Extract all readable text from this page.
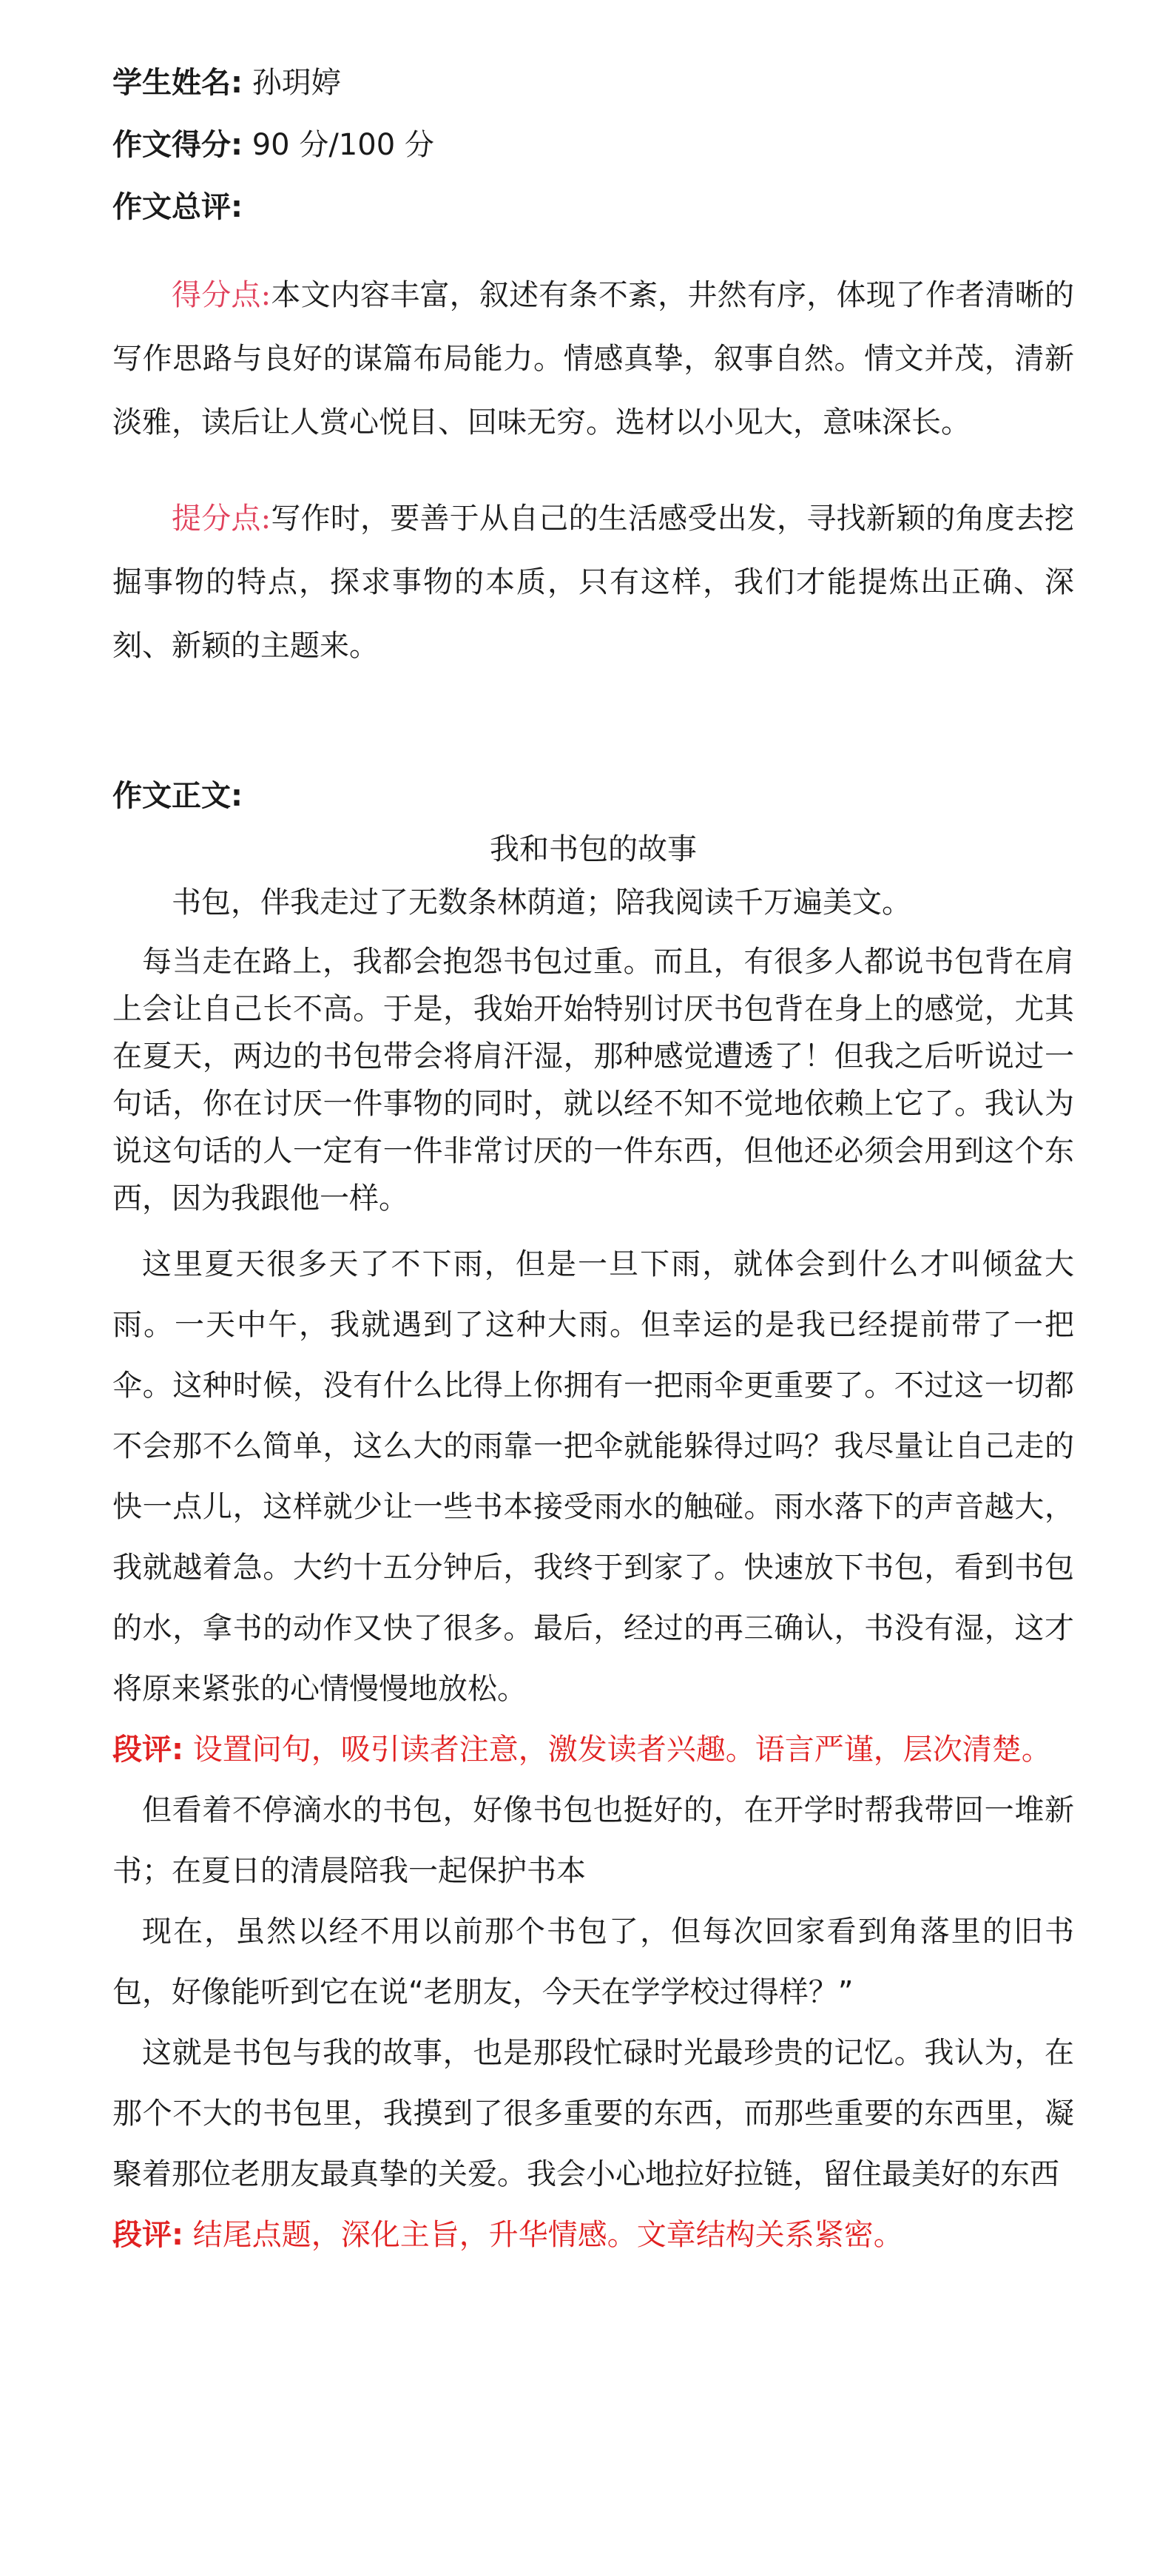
学生姓名: 孙玥婷
作文得分: 90 分/100 分
作文总评:

得分点:本文内容丰富，叙述有条不紊，井然有序，体现了作者清晰的写作思路与良好的谋篇布局能力。情感真挚，叙事自然。情文并茂，清新淡雅，读后让人赏心悦目、回味无穷。选材以小见大，意味深长。

提分点:写作时，要善于从自己的生活感受出发，寻找新颖的角度去挖掘事物的特点，探求事物的本质，只有这样，我们才能提炼出正确、深刻、新颖的主题来。

作文正文:
我和书包的故事

书包，伴我走过了无数条林荫道；陪我阅读千万遍美文。

每当走在路上，我都会抱怨书包过重。而且，有很多人都说书包背在肩上会让自己长不高。于是，我始开始特别讨厌书包背在身上的感觉，尤其在夏天，两边的书包带会将肩汗湿，那种感觉遭透了！但我之后听说过一句话，你在讨厌一件事物的同时，就以经不知不觉地依赖上它了。我认为说这句话的人一定有一件非常讨厌的一件东西，但他还必须会用到这个东西，因为我跟他一样。

这里夏天很多天了不下雨，但是一旦下雨，就体会到什么才叫倾盆大雨。一天中午，我就遇到了这种大雨。但幸运的是我已经提前带了一把伞。这种时候，没有什么比得上你拥有一把雨伞更重要了。不过这一切都不会那不么简单，这么大的雨靠一把伞就能躲得过吗？我尽量让自己走的快一点儿，这样就少让一些书本接受雨水的触碰。雨水落下的声音越大，我就越着急。大约十五分钟后，我终于到家了。快速放下书包，看到书包的水，拿书的动作又快了很多。最后，经过的再三确认，书没有湿，这才将原来紧张的心情慢慢地放松。

段评: 设置问句，吸引读者注意，激发读者兴趣。语言严谨，层次清楚。

但看着不停滴水的书包，好像书包也挺好的，在开学时帮我带回一堆新书；在夏日的清晨陪我一起保护书本

现在，虽然以经不用以前那个书包了，但每次回家看到角落里的旧书包，好像能听到它在说“老朋友，今天在学学校过得样？”

这就是书包与我的故事，也是那段忙碌时光最珍贵的记忆。我认为，在那个不大的书包里，我摸到了很多重要的东西，而那些重要的东西里，凝聚着那位老朋友最真挚的关爱。我会小心地拉好拉链，留住最美好的东西

段评: 结尾点题，深化主旨，升华情感。文章结构关系紧密。
